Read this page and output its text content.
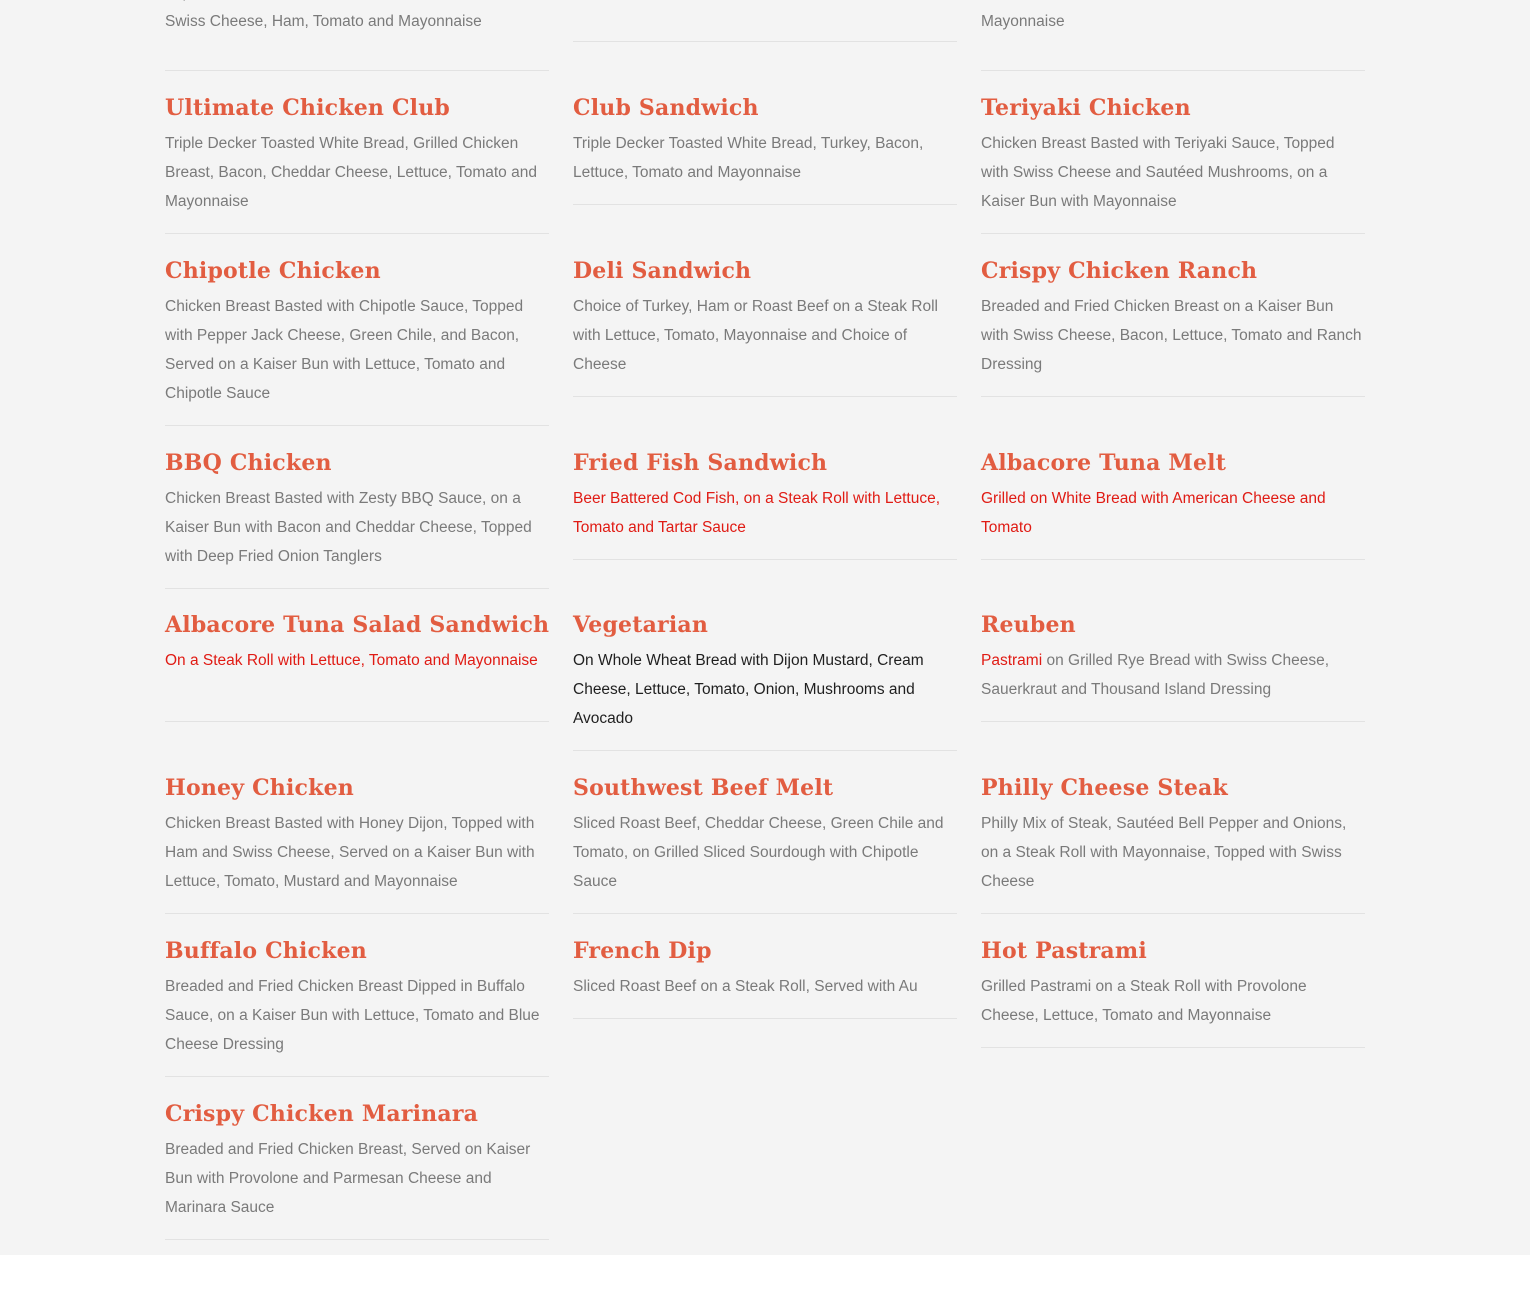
Swiss Cheese, Ham, Tomato and Mayonnaise

Ultimate Chicken Club

Triple Decker Toasted White Bread, Grilled Chicken Breast, Bacon, Cheddar Cheese, Lettuce, Tomato and Mayonnaise

Chipotle Chicken

Chicken Breast Basted with Chipotle Sauce, Topped with Pepper Jack Cheese, Green Chile, and Bacon, Served on a Kaiser Bun with Lettuce, Tomato and Chipotle Sauce

BBQ Chicken

Chicken Breast Basted with Zesty BBQ Sauce, on a Kaiser Bun with Bacon and Cheddar Cheese, Topped with Deep Fried Onion Tanglers

Albacore Tuna Salad Sandwich

On a Steak Roll with Lettuce, Tomato and Mayonnaise

Honey Chicken

Chicken Breast Basted with Honey Dijon, Topped with Ham and Swiss Cheese, Served on a Kaiser Bun with Lettuce, Tomato, Mustard and Mayonnaise

Buffalo Chicken

Breaded and Fried Chicken Breast Dipped in Buffalo Sauce, on a Kaiser Bun with Lettuce, Tomato and Blue Cheese Dressing

Crispy Chicken Marinara

Breaded and Fried Chicken Breast, Served on Kaiser Bun with Provolone and Parmesan Cheese and Marinara Sauce

Club Sandwich

Triple Decker Toasted White Bread, Turkey, Bacon, Lettuce, Tomato and Mayonnaise

Deli Sandwich

Choice of Turkey, Ham or Roast Beef on a Steak Roll with Lettuce, Tomato, Mayonnaise and Choice of Cheese

Fried Fish Sandwich

Beer Battered Cod Fish, on a Steak Roll with Lettuce, Tomato and Tartar Sauce

Vegetarian

On Whole Wheat Bread with Dijon Mustard, Cream Cheese, Lettuce, Tomato, Onion, Mushrooms and Avocado

Southwest Beef Melt

Sliced Roast Beef, Cheddar Cheese, Green Chile and Tomato, on Grilled Sliced Sourdough with Chipotle Sauce

French Dip

Sliced Roast Beef on a Steak Roll, Served with Au

Mayonnaise

Teriyaki Chicken

Chicken Breast Basted with Teriyaki Sauce, Topped with Swiss Cheese and Sautéed Mushrooms, on a Kaiser Bun with Mayonnaise

Crispy Chicken Ranch

Breaded and Fried Chicken Breast on a Kaiser Bun with Swiss Cheese, Bacon, Lettuce, Tomato and Ranch Dressing

Albacore Tuna Melt

Grilled on White Bread with American Cheese and Tomato

Reuben

Pastrami on Grilled Rye Bread with Swiss Cheese, Sauerkraut and Thousand Island Dressing

Philly Cheese Steak

Philly Mix of Steak, Sautéed Bell Pepper and Onions, on a Steak Roll with Mayonnaise, Topped with Swiss Cheese

Hot Pastrami

Grilled Pastrami on a Steak Roll with Provolone Cheese, Lettuce, Tomato and Mayonnaise
